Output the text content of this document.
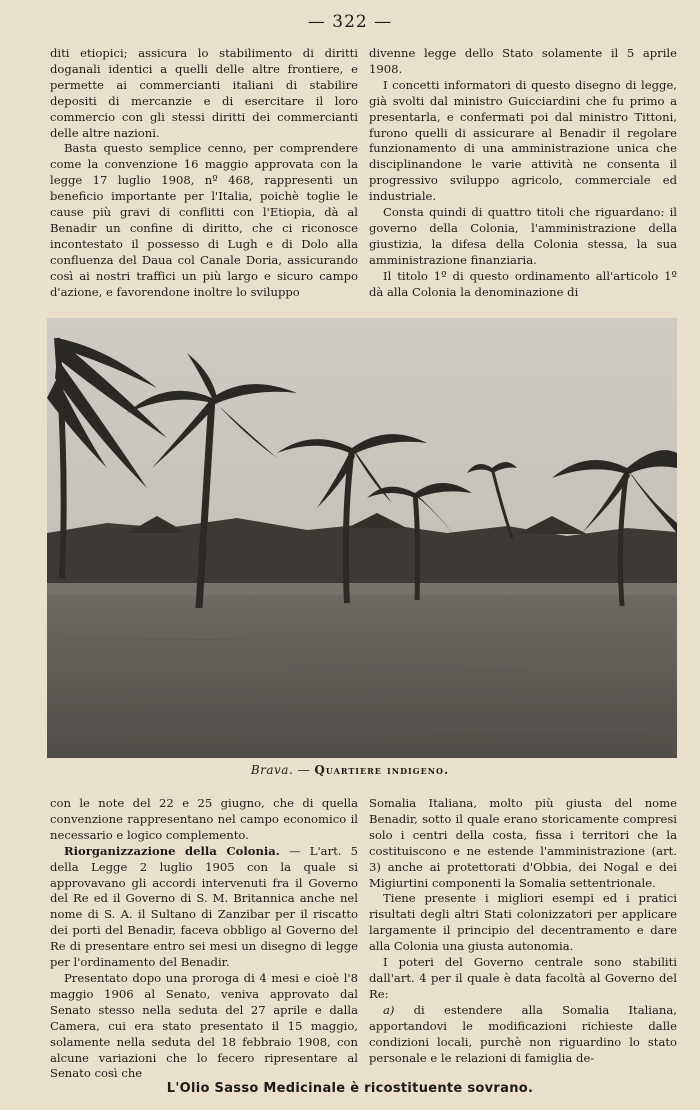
— 322 —

diti etiopici; assicura lo stabilimento di diritti doganali identici a quelli delle altre frontiere, e permette ai commercianti italiani di stabilire depositi di mercanzie e di esercitare il loro commercio con gli stessi diritti dei commercianti delle altre nazioni.

Basta questo semplice cenno, per comprendere come la convenzione 16 maggio approvata con la legge 17 luglio 1908, nº 468, rappresenti un beneficio importante per l'Italia, poichè toglie le cause più gravi di conflitti con l'Etiopia, dà al Benadir un confine di diritto, che ci riconosce incontestato il possesso di Lugh e di Dolo alla confluenza del Daua col Canale Doria, assicurando così ai nostri traffici un più largo e sicuro campo d'azione, e favorendone inoltre lo sviluppo

divenne legge dello Stato solamente il 5 aprile 1908.

I concetti informatori di questo disegno di legge, già svolti dal ministro Guicciardini che fu primo a presentarla, e confermati poi dal ministro Tittoni, furono quelli di assicurare al Benadir il regolare funzionamento di una amministrazione unica che disciplinandone le varie attività ne consenta il progressivo sviluppo agricolo, commerciale ed industriale.

Consta quindi di quattro titoli che riguardano: il governo della Colonia, l'amministrazione della giustizia, la difesa della Colonia stessa, la sua amministrazione finanziaria.

Il titolo 1º di questo ordinamento all'articolo 1º dà alla Colonia la denominazione di

Brava. — Quartiere indigeno.

con le note del 22 e 25 giugno, che di quella convenzione rappresentano nel campo economico il necessario e logico complemento.

Riorganizzazione della Colonia. — L'art. 5 della Legge 2 luglio 1905 con la quale si approvavano gli accordi intervenuti fra il Governo del Re ed il Governo di S. M. Britannica anche nel nome di S. A. il Sultano di Zanzibar per il riscatto dei porti del Benadir, faceva obbligo al Governo del Re di presentare entro sei mesi un disegno di legge per l'ordinamento del Benadir.

Presentato dopo una proroga di 4 mesi e cioè l'8 maggio 1906 al Senato, veniva approvato dal Senato stesso nella seduta del 27 aprile e dalla Camera, cui era stato presentato il 15 maggio, solamente nella seduta del 18 febbraio 1908, con alcune variazioni che lo fecero ripresentare al Senato così che

Somalia Italiana, molto più giusta del nome Benadir, sotto il quale erano storicamente compresi solo i centri della costa, fissa i territori che la costituiscono e ne estende l'amministrazione (art. 3) anche ai protettorati d'Obbia, dei Nogal e dei Migiurtini componenti la Somalia settentrionale.

Tiene presente i migliori esempi ed i pratici risultati degli altri Stati colonizzatori per applicare largamente il principio del decentramento e dare alla Colonia una giusta autonomia.

I poteri del Governo centrale sono stabiliti dall'art. 4 per il quale è data facoltà al Governo del Re:

a) di estendere alla Somalia Italiana, apportandovi le modificazioni richieste dalle condizioni locali, purchè non riguardino lo stato personale e le relazioni di famiglia de-

L'Olio Sasso Medicinale è ricostituente sovrano.
